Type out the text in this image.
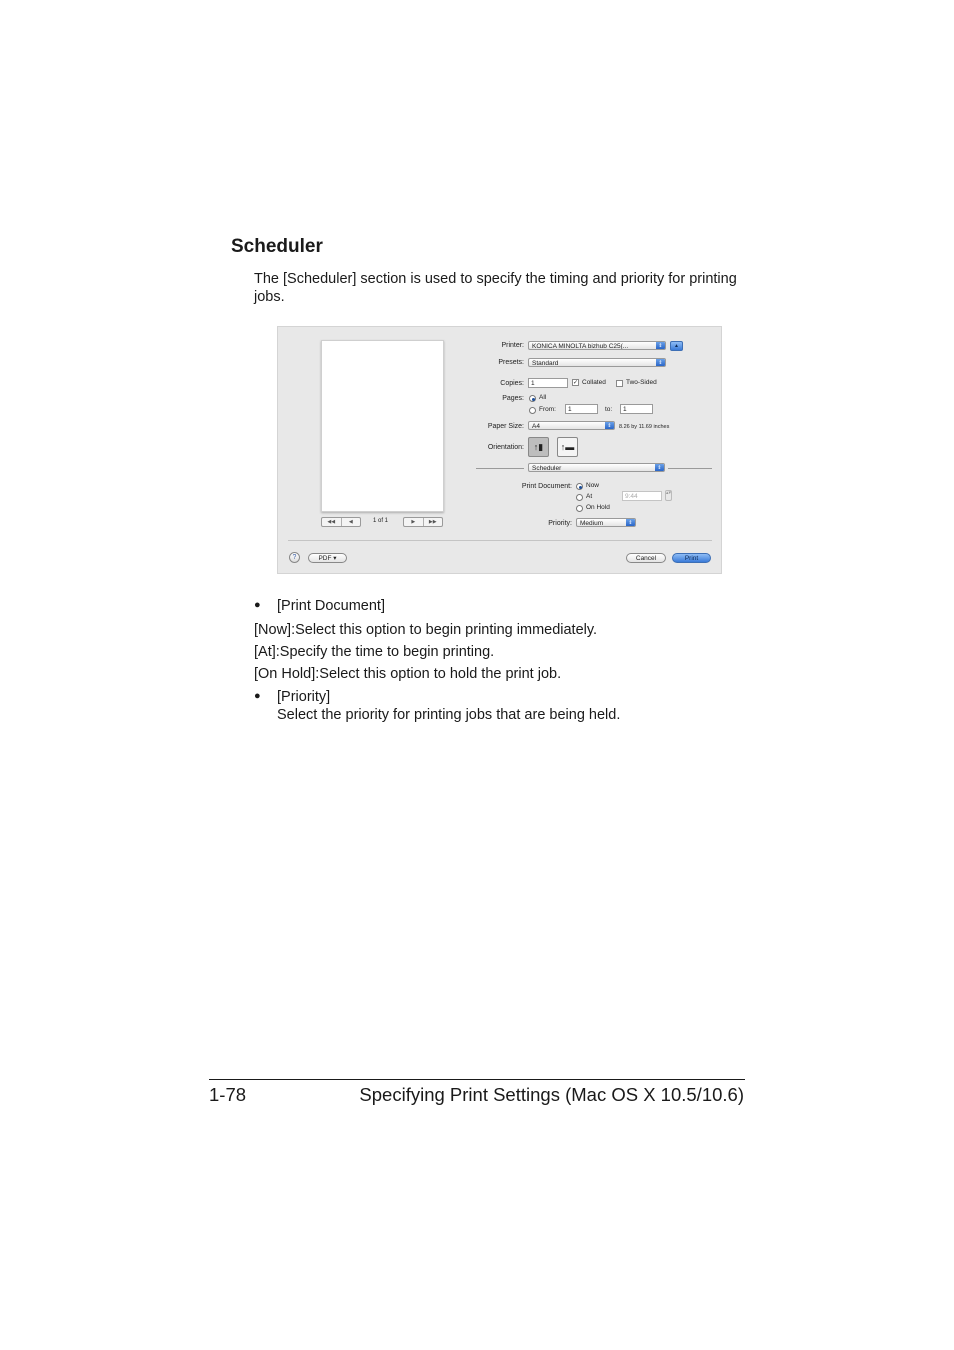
Scheduler
The [Scheduler] section is used to specify the timing and priority for printing jobs.
◀◀	◀	1 of 1	▶	▶▶
Printer:	KONICA MINOLTA bizhub C25(...	⇕	▲
Presets:	Standard	⇕
Copies:	1	✓ Collated	Two-Sided
Pages: All
From:	1	to:	1
Paper Size:	A4	⇕	8.26 by 11.69 inches
Orientation:	↑▮	↑▬
Scheduler	⇕
Print Document: Now
At	9:44	▴▾
On Hold
Priority:	Medium	⇕
?	PDF ▾	Cancel	Print
● [Print Document]
[Now]:Select this option to begin printing immediately.
[At]:Specify the time to begin printing.
[On Hold]:Select this option to hold the print job.
● [Priority]
Select the priority for printing jobs that are being held.
1-78	Specifying Print Settings (Mac OS X 10.5/10.6)
